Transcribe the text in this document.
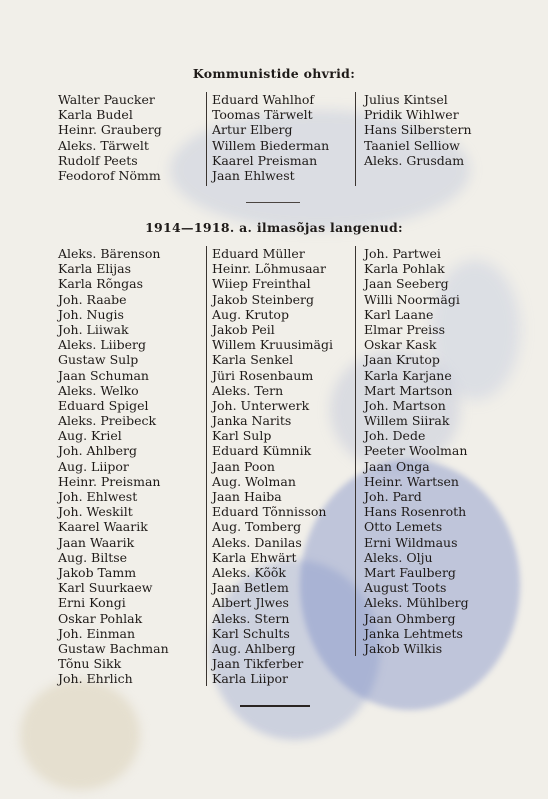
Kommunistide ohvrid:
Walter Paucker
Karla Budel
Heinr. Grauberg
Aleks. Tärwelt
Rudolf Peets
Feodorof Nömm
Eduard Wahlhof
Toomas Tärwelt
Artur Elberg
Willem Biederman
Kaarel Preisman
Jaan Ehlwest
Julius Kintsel
Pridik Wihlwer
Hans Silberstern
Taaniel Selliow
Aleks. Grusdam
1914—1918. a. ilmasõjas langenud:
Aleks. Bärenson
Karla Elijas
Karla Rõngas
Joh. Raabe
Joh. Nugis
Joh. Liiwak
Aleks. Liiberg
Gustaw Sulp
Jaan Schuman
Aleks. Welko
Eduard Spigel
Aleks. Preibeck
Aug. Kriel
Joh. Ahlberg
Aug. Liipor
Heinr. Preisman
Joh. Ehlwest
Joh. Weskilt
Kaarel Waarik
Jaan Waarik
Aug. Biltse
Jakob Tamm
Karl Suurkaew
Erni Kongi
Oskar Pohlak
Joh. Einman
Gustaw Bachman
Tõnu Sikk
Joh. Ehrlich
Eduard Müller
Heinr. Lõhmusaar
Wiiep Freinthal
Jakob Steinberg
Aug. Krutop
Jakob Peil
Willem Kruusimägi
Karla Senkel
Jüri Rosenbaum
Aleks. Tern
Joh. Unterwerk
Janka Narits
Karl Sulp
Eduard Kümnik
Jaan Poon
Aug. Wolman
Jaan Haiba
Eduard Tõnnisson
Aug. Tomberg
Aleks. Danilas
Karla Ehwärt
Aleks. Kõõk
Jaan Betlem
Albert Jlwes
Aleks. Stern
Karl Schults
Aug. Ahlberg
Jaan Tikferber
Karla Liipor
Joh. Partwei
Karla Pohlak
Jaan Seeberg
Willi Noormägi
Karl Laane
Elmar Preiss
Oskar Kask
Jaan Krutop
Karla Karjane
Mart Martson
Joh. Martson
Willem Siirak
Joh. Dede
Peeter Woolman
Jaan Onga
Heinr. Wartsen
Joh. Pard
Hans Rosenroth
Otto Lemets
Erni Wildmaus
Aleks. Olju
Mart Faulberg
August Toots
Aleks. Mühlberg
Jaan Ohmberg
Janka Lehtmets
Jakob Wilkis
